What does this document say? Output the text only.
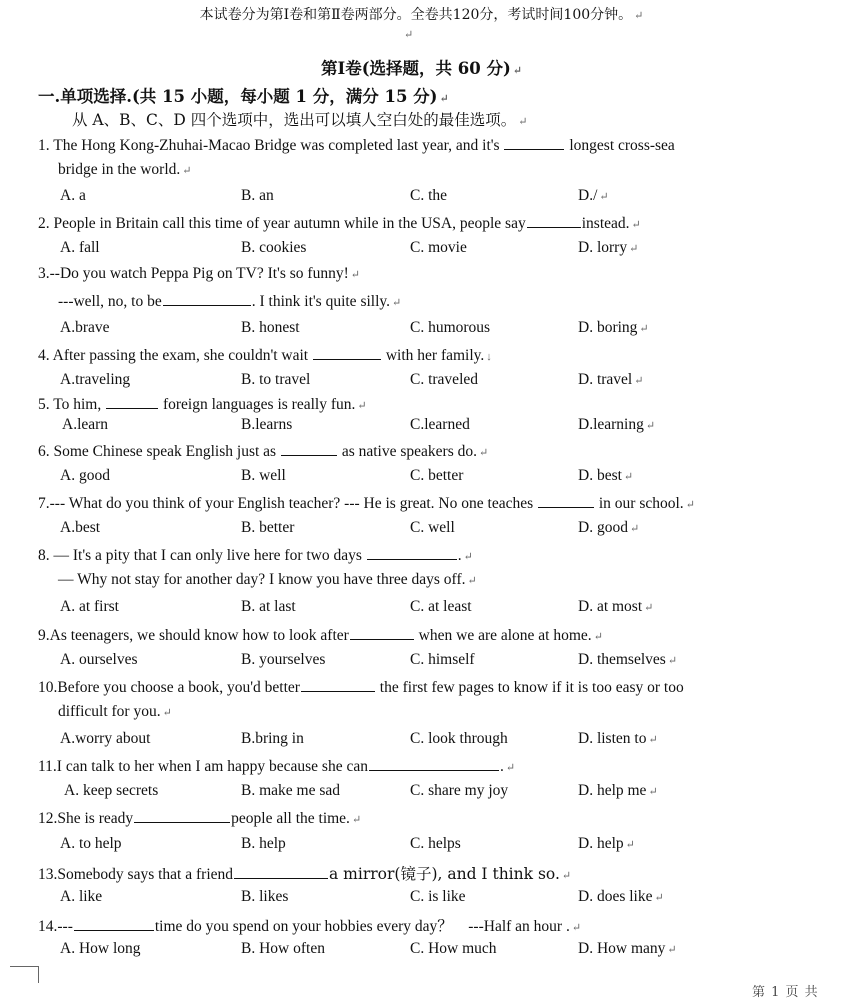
本试卷分为第Ⅰ卷和第Ⅱ卷两部分。全卷共120分，考试时间100分钟。 ↵
↵
第Ⅰ卷(选择题，共 60 分) ↵
一.单项选择.(共 15 小题，每小题 1 分，满分 15 分) ↵
从 A、B、C、D 四个选项中，选出可以填人空白处的最佳选项。 ↵
1. The Hong Kong-Zhuhai-Macao Bridge was completed last year, and it's	longest cross-sea
bridge in the world. ↵
A. a	B. an	C. the	D./ ↵
2. People in Britain call this time of year autumn while in the USA, people say	instead. ↵
A. fall	B. cookies	C. movie	D. lorry ↵
3.--Do you watch Peppa Pig on TV? It's so funny! ↵
---well, no, to be	. I think it's quite silly. ↵
A.brave	B. honest	C. humorous	D. boring ↵
4. After passing the exam, she couldn't wait	with her family. ↓
A.traveling	B. to travel	C. traveled	D. travel ↵
5. To him,	foreign languages is really fun. ↵
A.learn	B.learns	C.learned	D.learning ↵
6. Some Chinese speak English just as	as native speakers do. ↵
A. good	B. well	C. better	D. best ↵
7.--- What do you think of your English teacher? --- He is great. No one teaches	in our school. ↵
A.best	B. better	C. well	D. good ↵
8. — It's a pity that I can only live here for two days	. ↵
— Why not stay for another day? I know you have three days off. ↵
A. at first	B. at last	C. at least	D. at most ↵
9.As teenagers, we should know how to look after	when we are alone at home. ↵
A. ourselves	B. yourselves	C. himself	D. themselves ↵
10.Before you choose a book, you'd better	the first few pages to know if it is too easy or too
difficult for you. ↵
A.worry about	B.bring in	C. look through	D. listen to ↵
11.I can talk to her when I am happy because she can	. ↵
A. keep secrets	B. make me sad	C. share my joy	D. help me ↵
12.She is ready	people all the time. ↵
A. to help	B. help	C. helps	D. help ↵
13.Somebody says that a friend	a mirror(镜子), and I think so. ↵
A. like	B. likes	C. is like	D. does like ↵
14.---	time do you spend on your hobbies every day？　---Half an hour . ↵
A. How long	B. How often	C. How much	D. How many ↵
第 1 页 共
